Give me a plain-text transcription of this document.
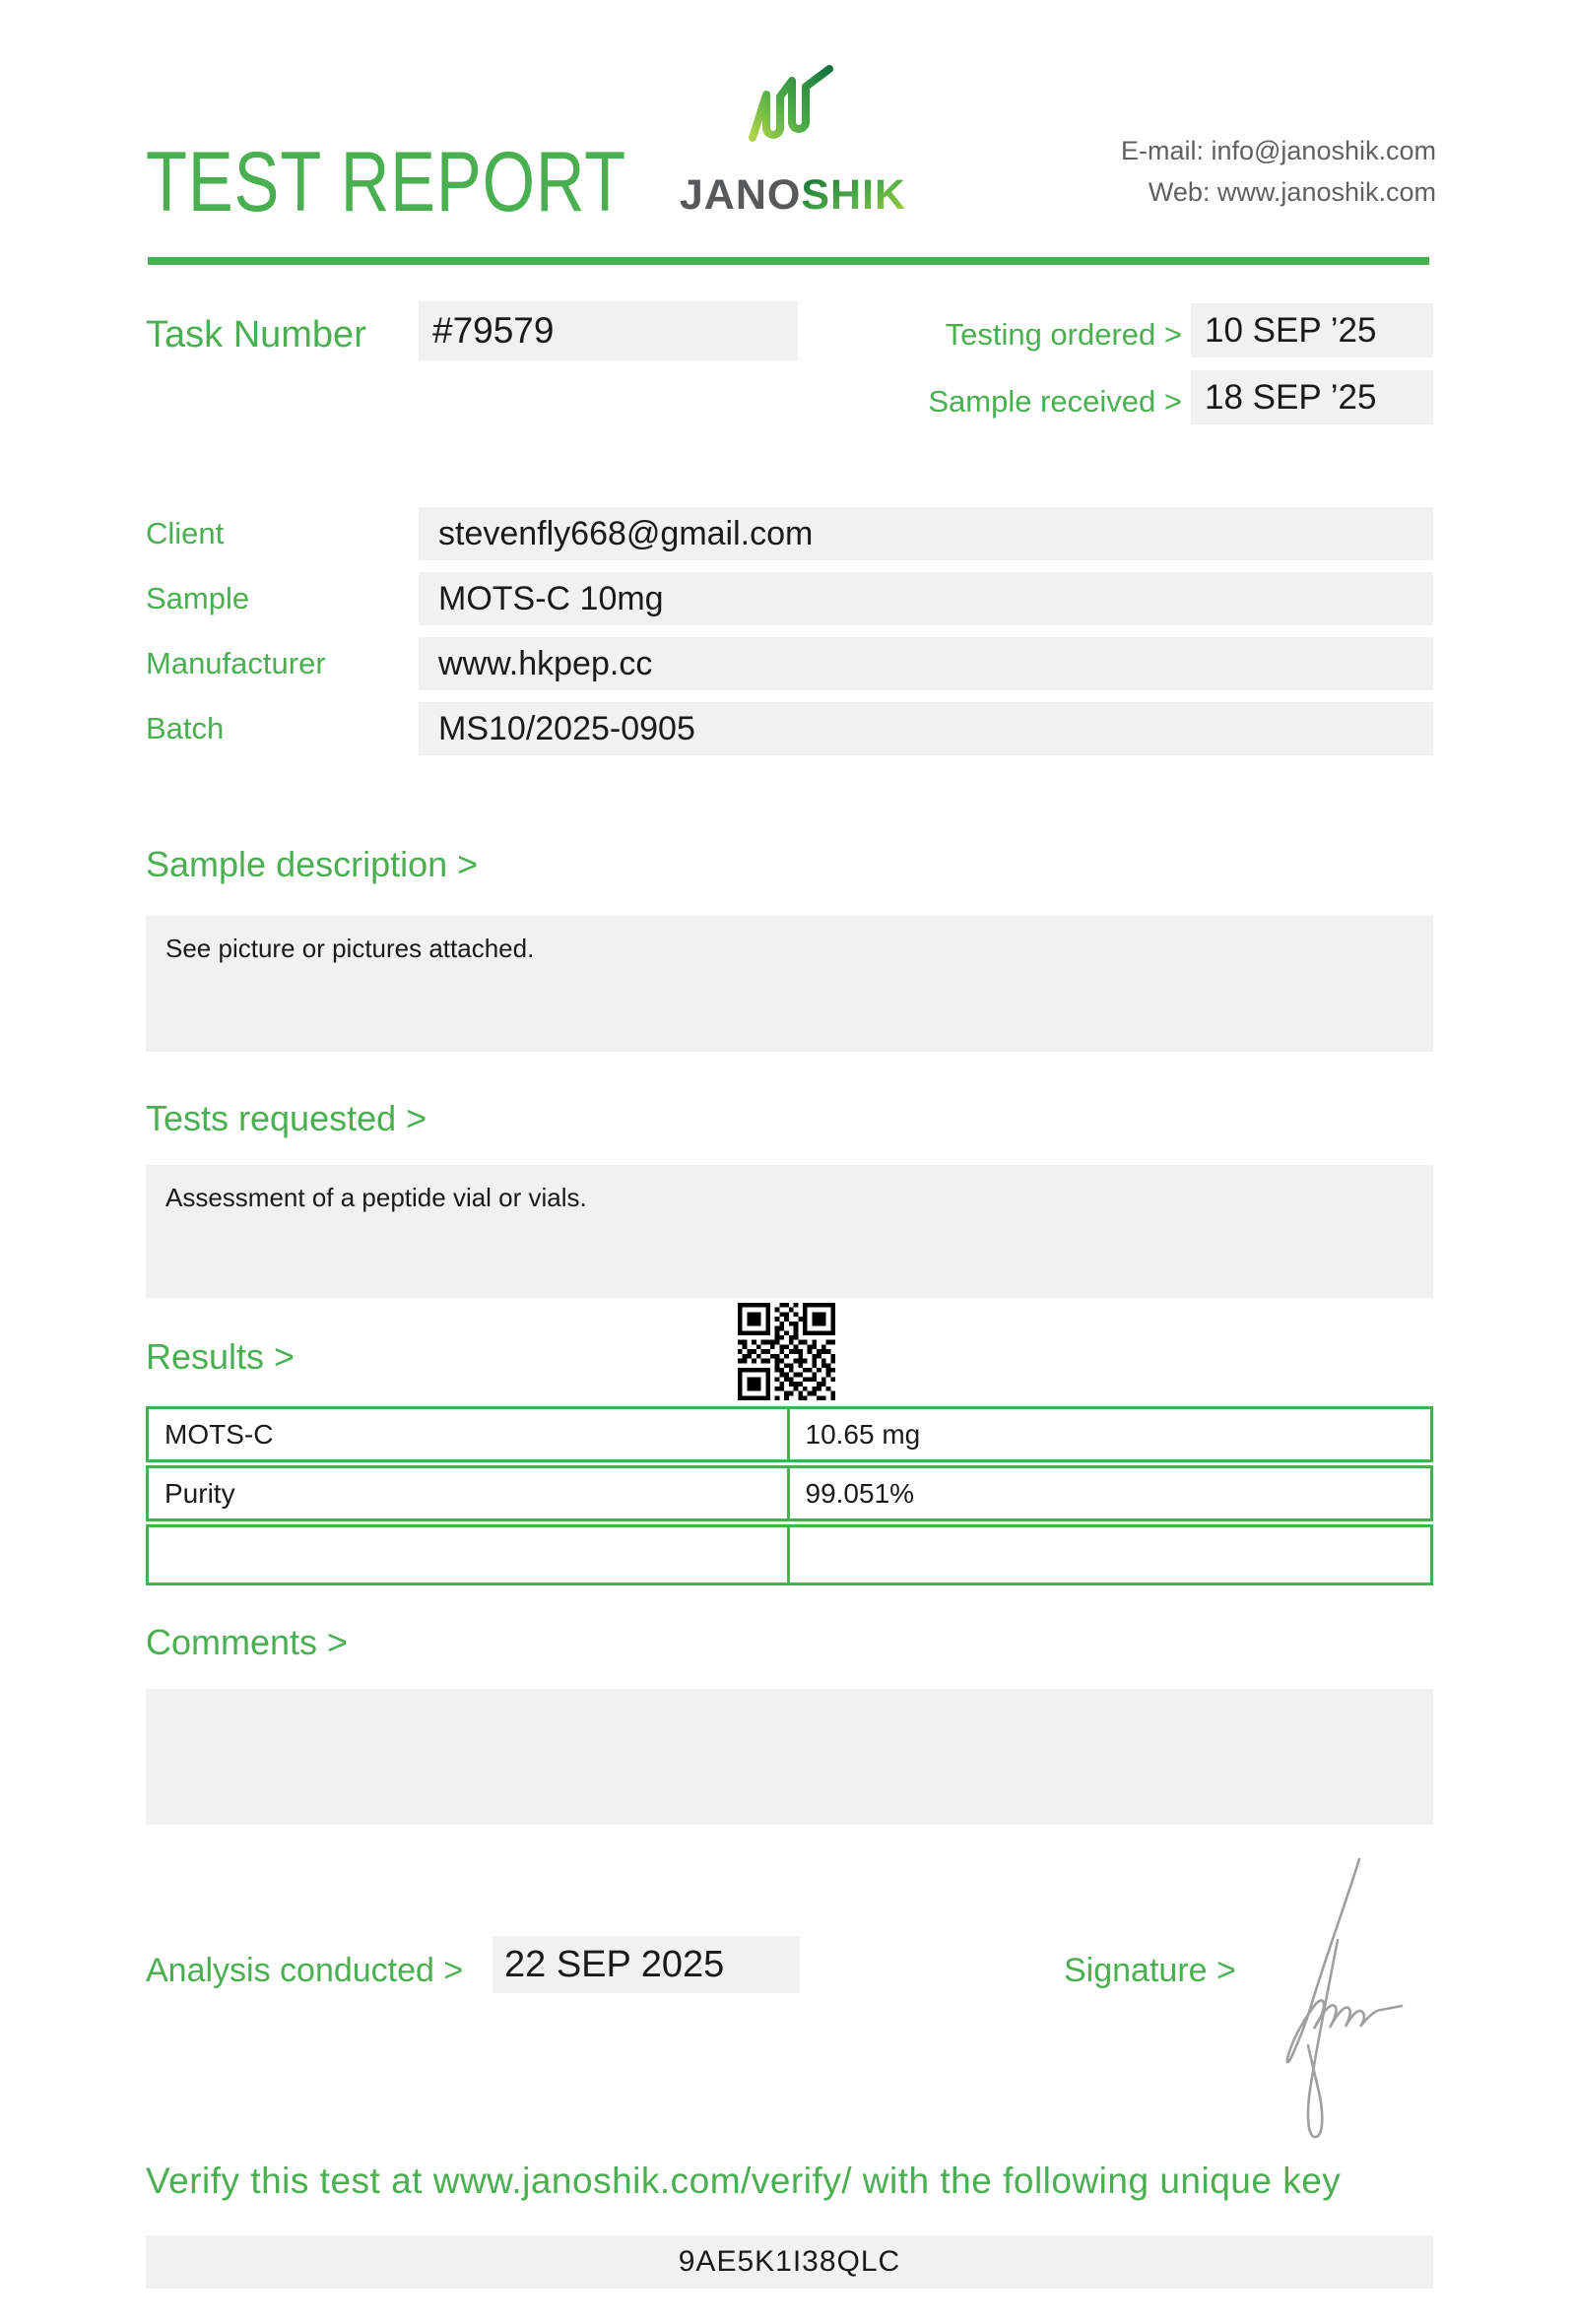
TEST REPORT	JANOSHIK
E-mail: info@janoshik.com
Web: www.janoshik.com
Task Number	#79579	Testing ordered > 10 SEP ’25
Sample received > 18 SEP ’25
Client	stevenfly668@gmail.com
Sample	MOTS-C 10mg
Manufacturer	www.hkpep.cc
Batch	MS10/2025-0905
Sample description >
See picture or pictures attached.
Tests requested >
Assessment of a peptide vial or vials.
Results >
MOTS-C	10.65 mg
Purity	99.051%
Comments >
Analysis conducted >	22 SEP 2025	Signature >
Verify this test at www.janoshik.com/verify/ with the following unique key
9AE5K1I38QLC
